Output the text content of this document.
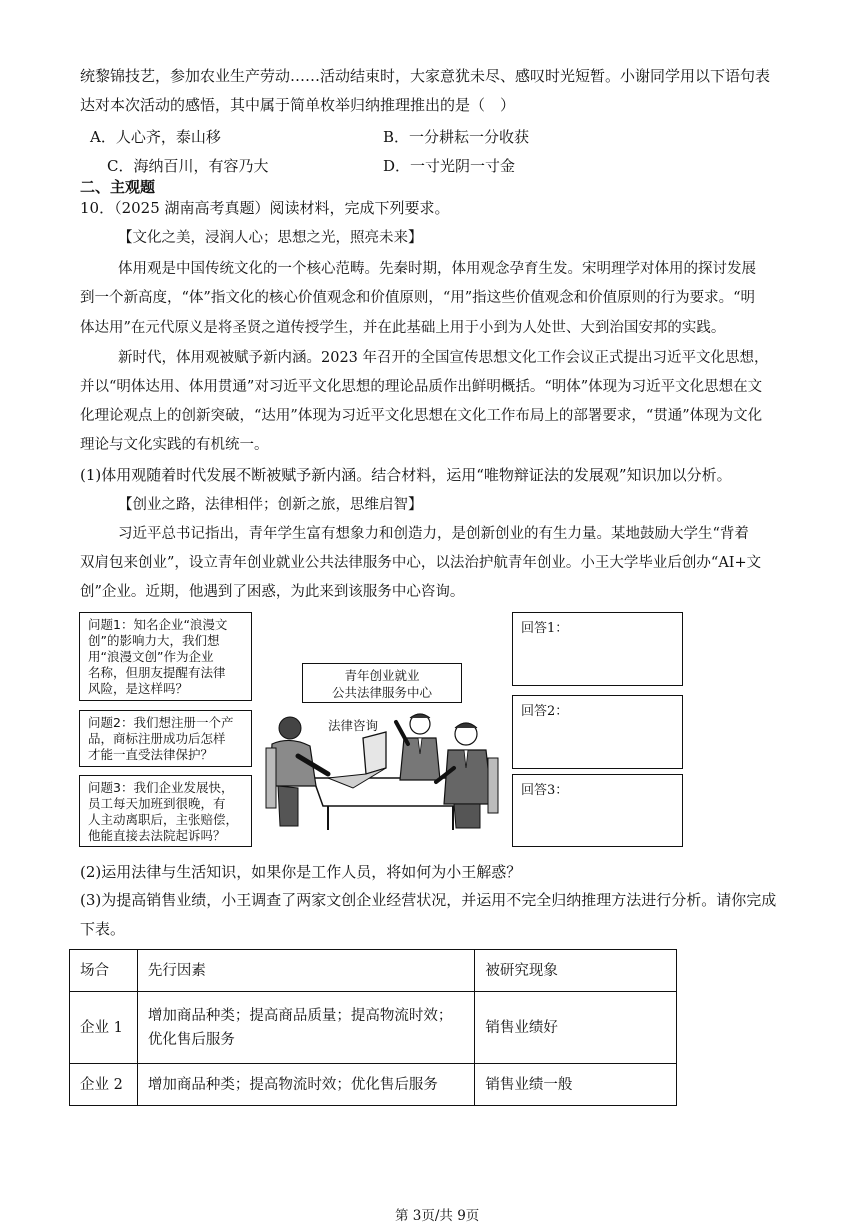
统黎锦技艺，参加农业生产劳动……活动结束时，大家意犹未尽、感叹时光短暂。小谢同学用以下语句表
达对本次活动的感悟，其中属于简单枚举归纳推理推出的是（　）
A．人心齐，泰山移	B．一分耕耘一分收获
C．海纳百川，有容乃大	D．一寸光阴一寸金
二、主观题
10．（2025 湖南高考真题）阅读材料，完成下列要求。
【文化之美，浸润人心；思想之光，照亮未来】
体用观是中国传统文化的一个核心范畴。先秦时期，体用观念孕育生发。宋明理学对体用的探讨发展
到一个新高度，“体”指文化的核心价值观念和价值原则，“用”指这些价值观念和价值原则的行为要求。“明
体达用”在元代原义是将圣贤之道传授学生，并在此基础上用于小到为人处世、大到治国安邦的实践。
新时代，体用观被赋予新内涵。2023 年召开的全国宣传思想文化工作会议正式提出习近平文化思想，
并以“明体达用、体用贯通”对习近平文化思想的理论品质作出鲜明概括。“明体”体现为习近平文化思想在文
化理论观点上的创新突破，“达用”体现为习近平文化思想在文化工作布局上的部署要求，“贯通”体现为文化
理论与文化实践的有机统一。
(1)体用观随着时代发展不断被赋予新内涵。结合材料，运用“唯物辩证法的发展观”知识加以分析。
【创业之路，法律相伴；创新之旅，思维启智】
习近平总书记指出，青年学生富有想象力和创造力，是创新创业的有生力量。某地鼓励大学生“背着
双肩包来创业”，设立青年创业就业公共法律服务中心，以法治护航青年创业。小王大学毕业后创办“AI+文
创”企业。近期，他遇到了困惑，为此来到该服务中心咨询。
问题1：知名企业“浪漫文
创”的影响力大，我们想
用“浪漫文创”作为企业
名称，但朋友提醒有法律
风险，是这样吗？
问题2：我们想注册一个产
品，商标注册成功后怎样
才能一直受法律保护？
问题3：我们企业发展快，
员工每天加班到很晚，有
人主动离职后，主张赔偿，
他能直接去法院起诉吗？
回答1：
回答2：
回答3：
青年创业就业
公共法律服务中心
法律咨询
(2)运用法律与生活知识，如果你是工作人员，将如何为小王解惑？
(3)为提高销售业绩，小王调查了两家文创企业经营状况，并运用不完全归纳推理方法进行分析。请你完成
下表。
场合	先行因素	被研究现象
企业 1	增加商品种类；提高商品质量；提高物流时效；优化售后服务	销售业绩好
企业 2	增加商品种类；提高物流时效；优化售后服务	销售业绩一般
第 3页/共 9页
